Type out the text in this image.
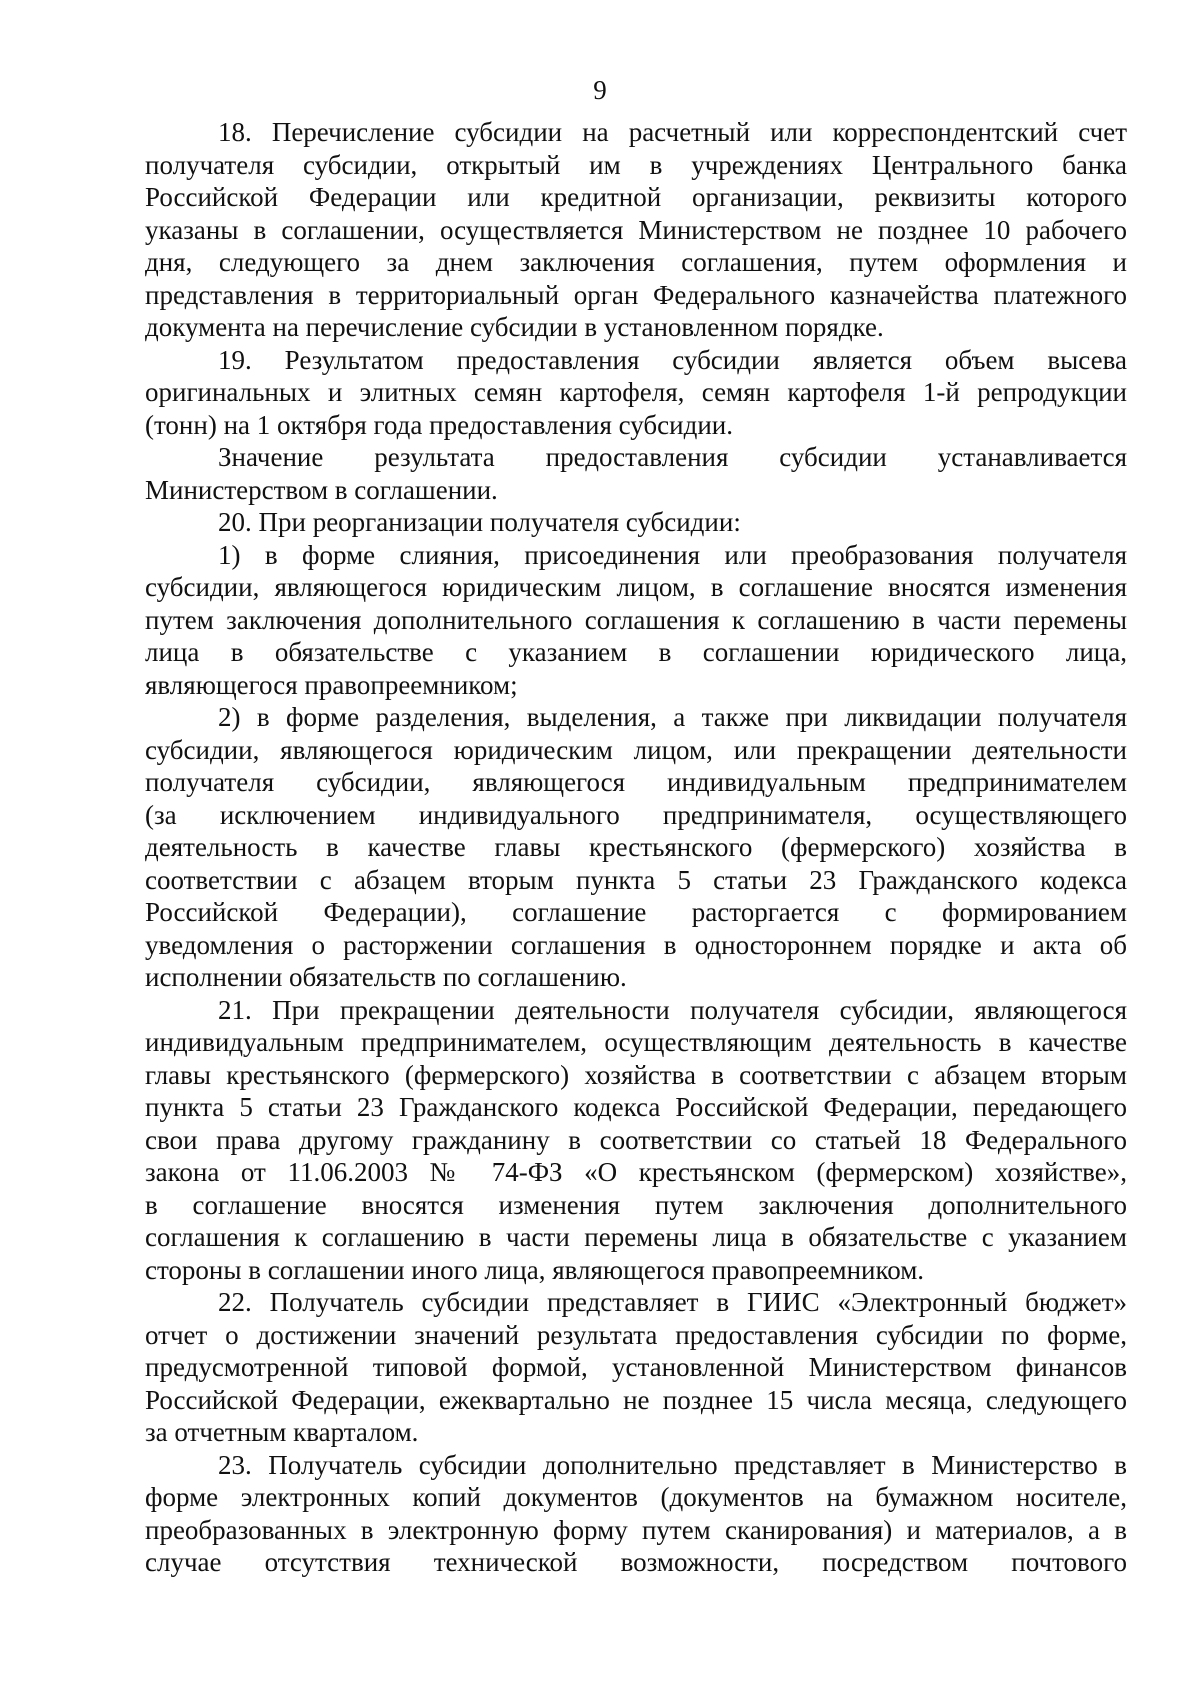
9
18. Перечисление субсидии на расчетный или корреспондентский счет
получателя субсидии, открытый им в учреждениях Центрального банка
Российской Федерации или кредитной организации, реквизиты которого
указаны в соглашении, осуществляется Министерством не позднее 10 рабочего
дня, следующего за днем заключения соглашения, путем оформления и
представления в территориальный орган Федерального казначейства платежного
документа на перечисление субсидии в установленном порядке.
19. Результатом предоставления субсидии является объем высева
оригинальных и элитных семян картофеля, семян картофеля 1-й репродукции
(тонн) на 1 октября года предоставления субсидии.
Значение результата предоставления субсидии устанавливается
Министерством в соглашении.
20. При реорганизации получателя субсидии:
1) в форме слияния, присоединения или преобразования получателя
субсидии, являющегося юридическим лицом, в соглашение вносятся изменения
путем заключения дополнительного соглашения к соглашению в части перемены
лица в обязательстве с указанием в соглашении юридического лица,
являющегося правопреемником;
2) в форме разделения, выделения, а также при ликвидации получателя
субсидии, являющегося юридическим лицом, или прекращении деятельности
получателя субсидии, являющегося индивидуальным предпринимателем
(за исключением индивидуального предпринимателя, осуществляющего
деятельность в качестве главы крестьянского (фермерского) хозяйства в
соответствии с абзацем вторым пункта 5 статьи 23 Гражданского кодекса
Российской Федерации), соглашение расторгается с формированием
уведомления о расторжении соглашения в одностороннем порядке и акта об
исполнении обязательств по соглашению.
21. При прекращении деятельности получателя субсидии, являющегося
индивидуальным предпринимателем, осуществляющим деятельность в качестве
главы крестьянского (фермерского) хозяйства в соответствии с абзацем вторым
пункта 5 статьи 23 Гражданского кодекса Российской Федерации, передающего
свои права другому гражданину в соответствии со статьей 18 Федерального
закона от 11.06.2003 № 74-ФЗ «О крестьянском (фермерском) хозяйстве»,
в соглашение вносятся изменения путем заключения дополнительного
соглашения к соглашению в части перемены лица в обязательстве с указанием
стороны в соглашении иного лица, являющегося правопреемником.
22. Получатель субсидии представляет в ГИИС «Электронный бюджет»
отчет о достижении значений результата предоставления субсидии по форме,
предусмотренной типовой формой, установленной Министерством финансов
Российской Федерации, ежеквартально не позднее 15 числа месяца, следующего
за отчетным кварталом.
23. Получатель субсидии дополнительно представляет в Министерство в
форме электронных копий документов (документов на бумажном носителе,
преобразованных в электронную форму путем сканирования) и материалов, а в
случае отсутствия технической возможности, посредством почтового
